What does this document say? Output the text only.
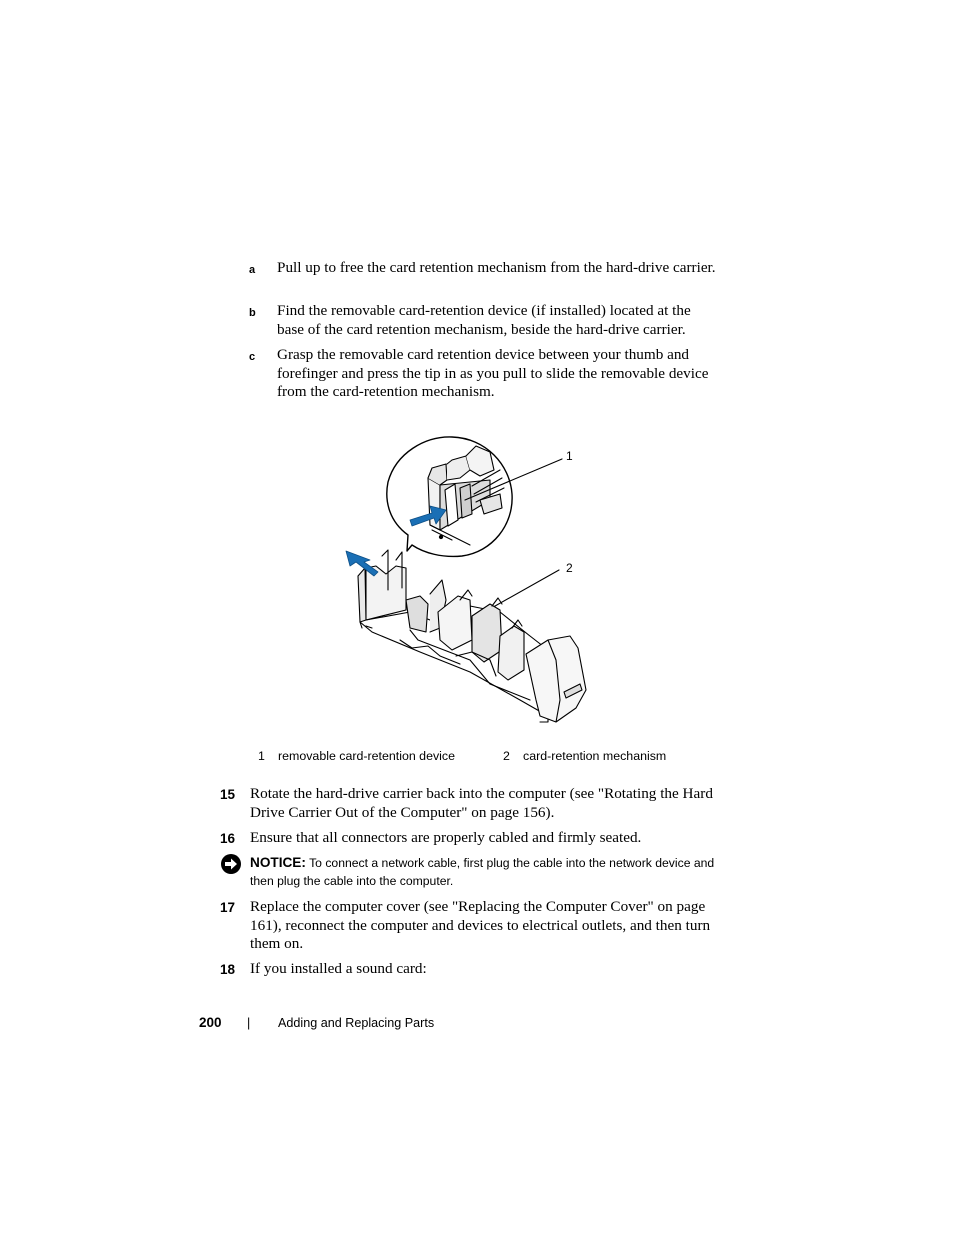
a Pull up to free the card retention mechanism from the hard-drive carrier.
b Find the removable card-retention device (if installed) located at the base of the card retention mechanism, beside the hard-drive carrier.
c Grasp the removable card retention device between your thumb and forefinger and press the tip in as you pull to slide the removable device from the card-retention mechanism.
1
2
1 removable card-retention device	2 card-retention mechanism
15 Rotate the hard-drive carrier back into the computer (see "Rotating the Hard Drive Carrier Out of the Computer" on page 156).
16 Ensure that all connectors are properly cabled and firmly seated.
NOTICE: To connect a network cable, first plug the cable into the network device and then plug the cable into the computer.
17 Replace the computer cover (see "Replacing the Computer Cover" on page 161), reconnect the computer and devices to electrical outlets, and then turn them on.
18 If you installed a sound card:
200 | Adding and Replacing Parts
